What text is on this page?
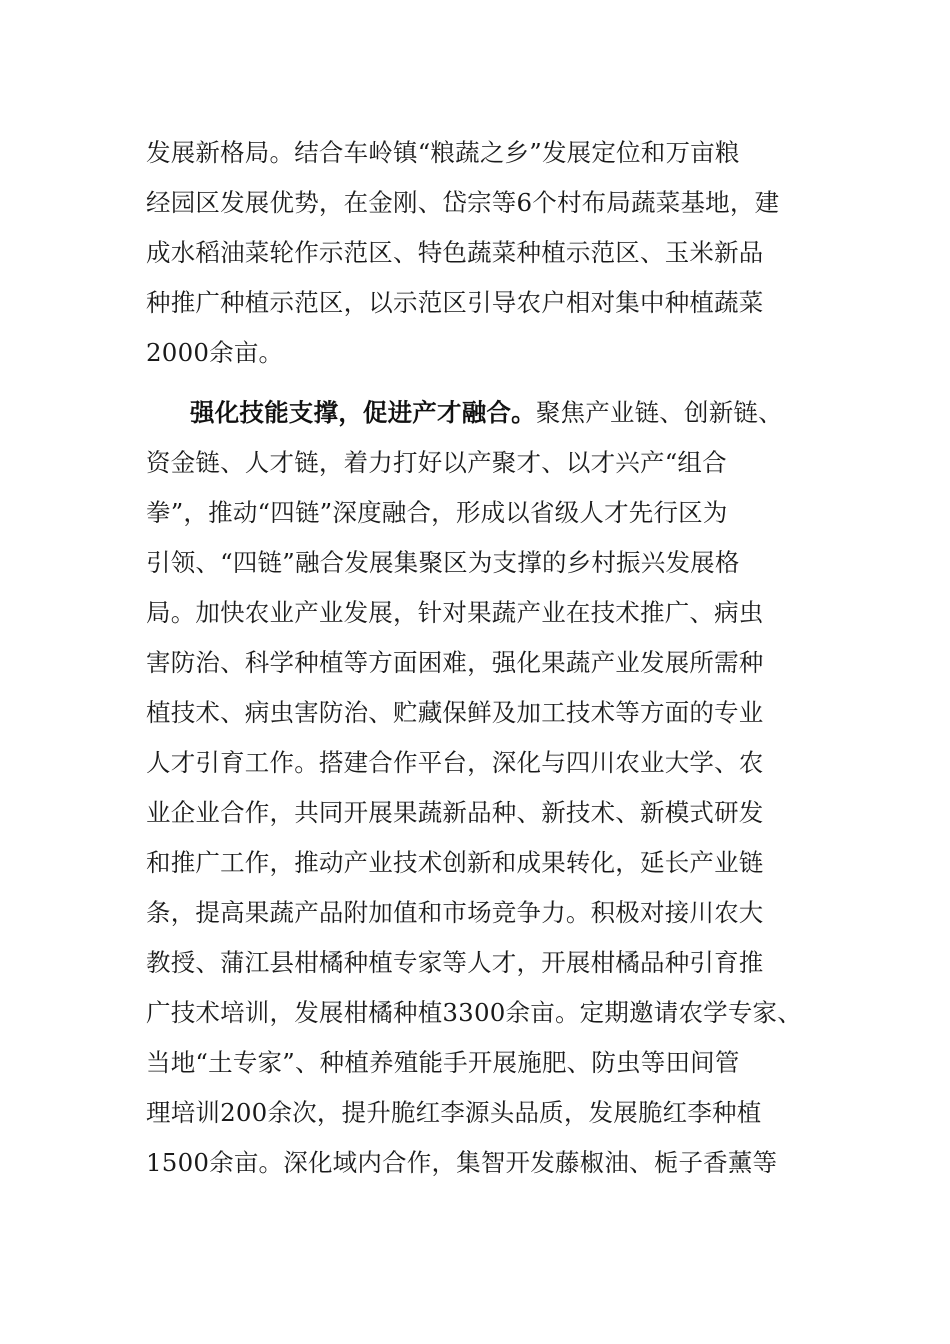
发展新格局。结合车岭镇“粮蔬之乡”发展定位和万亩粮
经园区发展优势，在金刚、岱宗等6个村布局蔬菜基地，建
成水稻油菜轮作示范区、特色蔬菜种植示范区、玉米新品
种推广种植示范区，以示范区引导农户相对集中种植蔬菜
2000余亩。
强化技能支撑，促进产才融合。聚焦产业链、创新链、
资金链、人才链，着力打好以产聚才、以才兴产“组合
拳”，推动“四链”深度融合，形成以省级人才先行区为
引领、“四链”融合发展集聚区为支撑的乡村振兴发展格
局。加快农业产业发展，针对果蔬产业在技术推广、病虫
害防治、科学种植等方面困难，强化果蔬产业发展所需种
植技术、病虫害防治、贮藏保鲜及加工技术等方面的专业
人才引育工作。搭建合作平台，深化与四川农业大学、农
业企业合作，共同开展果蔬新品种、新技术、新模式研发
和推广工作，推动产业技术创新和成果转化，延长产业链
条，提高果蔬产品附加值和市场竞争力。积极对接川农大
教授、蒲江县柑橘种植专家等人才，开展柑橘品种引育推
广技术培训，发展柑橘种植3300余亩。定期邀请农学专家、
当地“土专家”、种植养殖能手开展施肥、防虫等田间管
理培训200余次，提升脆红李源头品质，发展脆红李种植
1500余亩。深化域内合作，集智开发藤椒油、栀子香薰等
